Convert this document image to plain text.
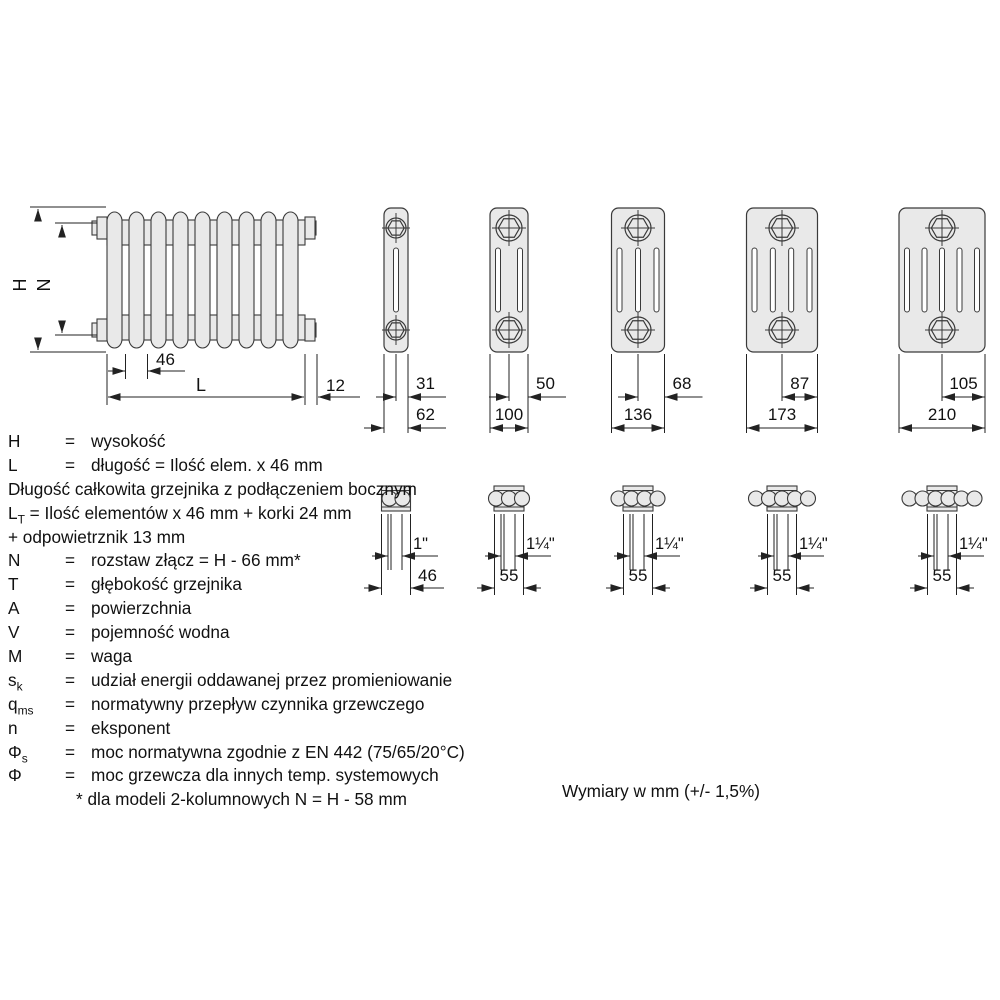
H N
46
L	12	31
62
1"
46
50
100
1¼"
55
68
136
1¼"
55
87
173
1¼"
55
105
210
1¼"
55
H	= wysokość
L	= długość = Ilość elem. x 46 mm
Długość całkowita grzejnika z podłączeniem bocznym
$L_T$ = Ilość elementów x 46 mm + korki 24 mm
+ odpowietrznik 13 mm
N	= rozstaw złącz = H - 66 mm*
T	= głębokość grzejnika
A	= powierzchnia
V	= pojemność wodna
M	= waga
$s_k$	= udział energii oddawanej przez promieniowanie
$q_{ms}$	= normatywny przepływ czynnika grzewczego
n	= eksponent
$\Phi_s$	= moc normatywna zgodnie z EN 442 (75/65/20°C)
Φ	= moc grzewcza dla innych temp. systemowych
* dla modeli 2-kolumnowych N = H - 58 mm	Wymiary w mm (+/- 1,5%)
